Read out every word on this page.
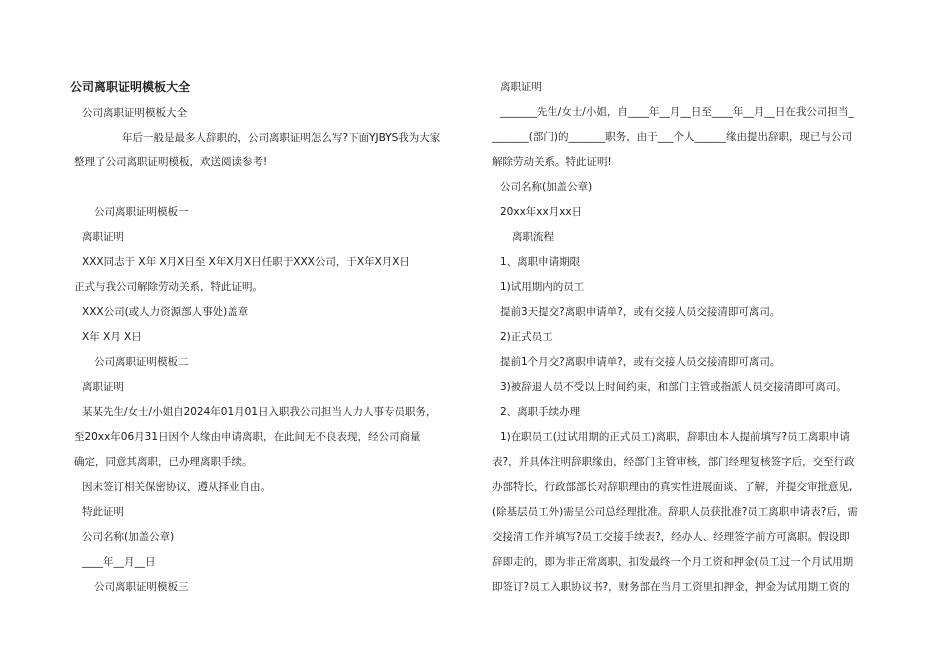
公司离职证明模板大全
公司离职证明模板大全
年后一般是最多人辞职的，公司离职证明怎么写?下面YJBYS我为大家
整理了公司离职证明模板，欢送阅读参考!
公司离职证明模板一
离职证明
XXX同志于 X年 X月X日至 X年X月X日任职于XXX公司，于X年X月X日
正式与我公司解除劳动关系，特此证明。
XXX公司(或人力资源部人事处)盖章
X年 X月 X日
公司离职证明模板二
离职证明
某某先生/女士/小姐自2024年01月01日入职我公司担当人力人事专员职务，
至20xx年06月31日因个人缘由申请离职，在此间无不良表现，经公司商量
确定，同意其离职，已办理离职手续。
因未签订相关保密协议，遵从择业自由。
特此证明
公司名称(加盖公章)
____年__月__日
公司离职证明模板三
离职证明
_______先生/女士/小姐，自____年__月__日至____年__月__日在我公司担当_
_______(部门)的_______职务，由于___个人______缘由提出辞职，现已与公司
解除劳动关系。特此证明!
公司名称(加盖公章)
20xx年xx月xx日
离职流程
1、离职申请期限
1)试用期内的员工
提前3天提交?离职申请单?，或有交接人员交接清即可离司。
2)正式员工
提前1个月交?离职申请单?，或有交接人员交接清即可离司。
3)被辞退人员不受以上时间约束，和部门主管或指派人员交接清即可离司。
2、离职手续办理
1)在职员工(过试用期的正式员工)离职，辞职由本人提前填写?员工离职申请
表?，并具体注明辞职缘由，经部门主管审核，部门经理复核签字后，交至行政
办部特长，行政部部长对辞职理由的真实性进展面谈、了解，并提交审批意见,
(除基层员工外)需呈公司总经理批准。辞职人员获批准?员工离职申请表?后，需
交接清工作并填写?员工交接手续表?，经办人、经理签字前方可离职。假设即
辞即走的，即为非正常离职，扣发最终一个月工资和押金(员工过一个月试用期
即签订?员工入职协议书?，财务部在当月工资里扣押金，押金为试用期工资的
